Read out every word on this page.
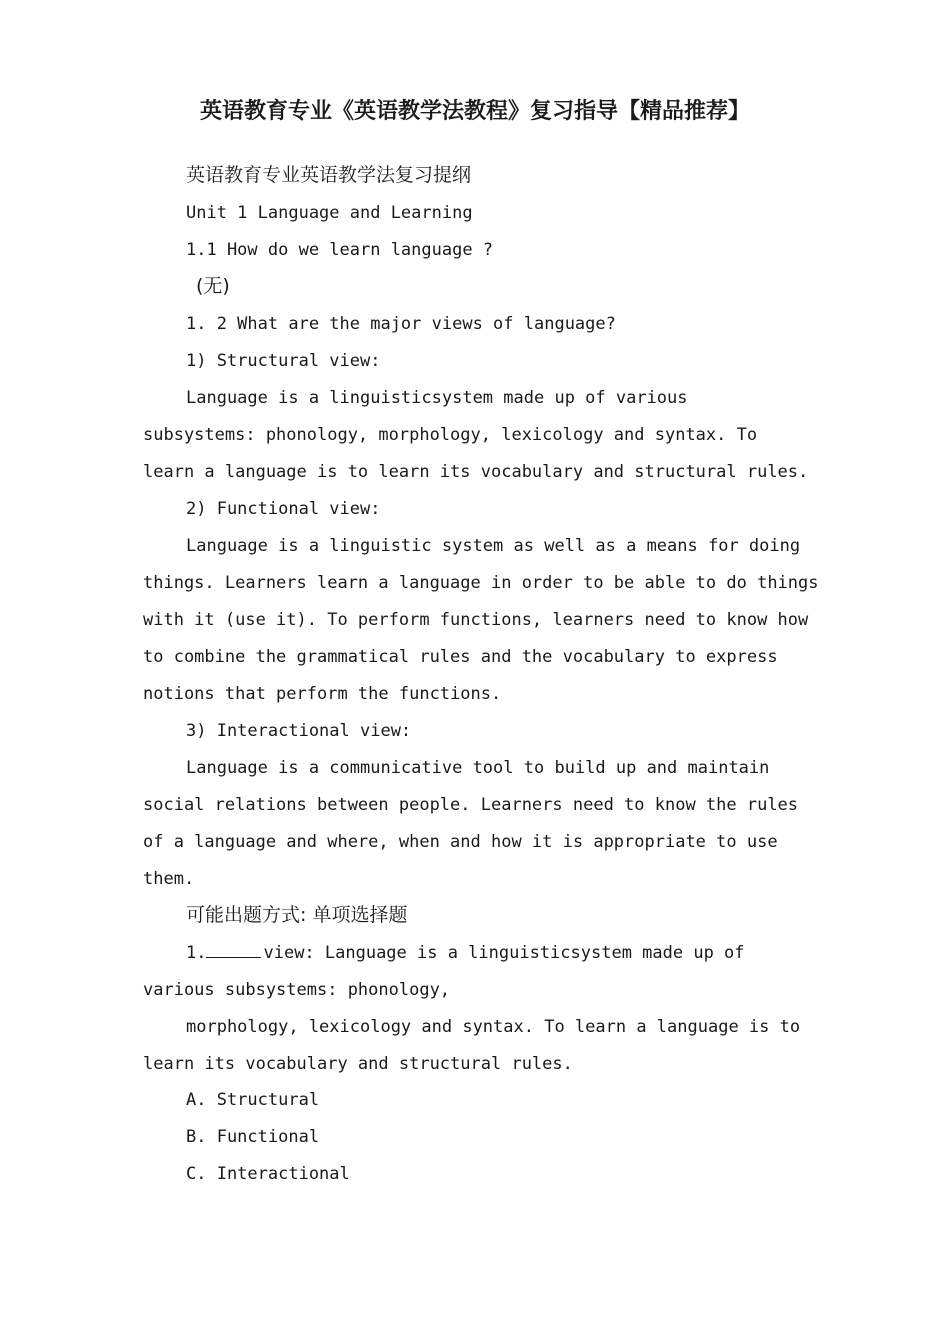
英语教育专业《英语教学法教程》复习指导【精品推荐】
英语教育专业英语教学法复习提纲
Unit 1 Language and Learning
1.1 How do we learn language ?
(无)
1. 2 What are the major views of language?
1) Structural view:
Language is a linguisticsystem made up of various
subsystems: phonology, morphology, lexicology and syntax. To
learn a language is to learn its vocabulary and structural rules.
2) Functional view:
Language is a linguistic system as well as a means for doing
things. Learners learn a language in order to be able to do things
with it (use it). To perform functions, learners need to know how
to combine the grammatical rules and the vocabulary to express
notions that perform the functions.
3) Interactional view:
Language is a communicative tool to build up and maintain
social relations between people. Learners need to know the rules
of a language and where, when and how it is appropriate to use
them.
可能出题方式: 单项选择题
1.	view: Language is a linguisticsystem made up of
various subsystems: phonology,
morphology, lexicology and syntax. To learn a language is to
learn its vocabulary and structural rules.
A. Structural
B. Functional
C. Interactional
